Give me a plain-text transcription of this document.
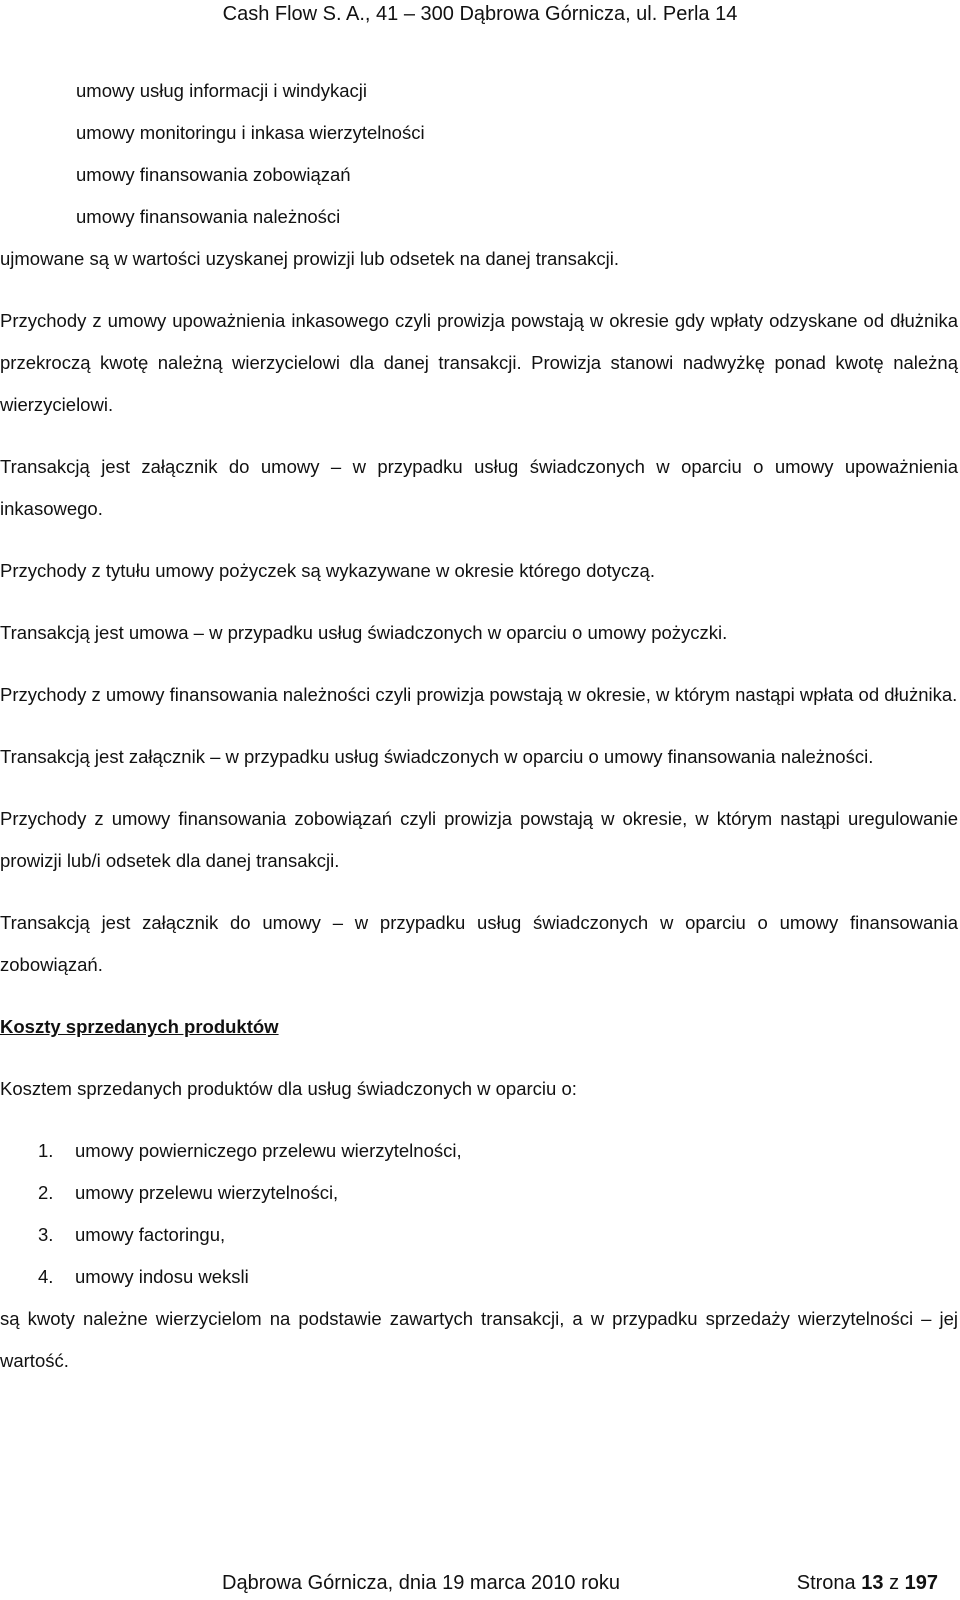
Cash Flow S. A., 41 – 300 Dąbrowa Górnicza, ul. Perla 14
umowy usług informacji i windykacji
umowy monitoringu i inkasa wierzytelności
umowy finansowania zobowiązań
umowy finansowania należności

ujmowane są w wartości uzyskanej prowizji lub odsetek na danej transakcji.

Przychody z umowy upoważnienia inkasowego czyli prowizja powstają w okresie gdy wpłaty odzyskane od dłużnika przekroczą kwotę należną wierzycielowi dla danej transakcji. Prowizja stanowi nadwyżkę ponad kwotę należną wierzycielowi.

Transakcją jest załącznik do umowy – w przypadku usług świadczonych w oparciu o umowy upoważnienia inkasowego.

Przychody z tytułu umowy pożyczek są wykazywane w okresie którego dotyczą.

Transakcją jest umowa – w przypadku usług świadczonych w oparciu o umowy pożyczki.

Przychody z umowy finansowania należności czyli prowizja powstają w okresie, w którym nastąpi wpłata od dłużnika.

Transakcją jest załącznik – w przypadku usług świadczonych w oparciu o umowy finansowania należności.

Przychody z umowy finansowania zobowiązań czyli prowizja powstają w okresie, w którym nastąpi uregulowanie prowizji lub/i odsetek dla danej transakcji.

Transakcją jest załącznik do umowy – w przypadku usług świadczonych w oparciu o umowy finansowania zobowiązań.

Koszty sprzedanych produktów

Kosztem sprzedanych produktów dla usług świadczonych w oparciu o:

1.	umowy powierniczego przelewu wierzytelności,
2.	umowy przelewu wierzytelności,
3.	umowy factoringu,
4.	umowy indosu weksli

są kwoty należne wierzycielom na podstawie zawartych transakcji, a w przypadku sprzedaży wierzytelności – jej wartość.

Dąbrowa Górnicza, dnia 19 marca 2010 roku	Strona 13 z 197
